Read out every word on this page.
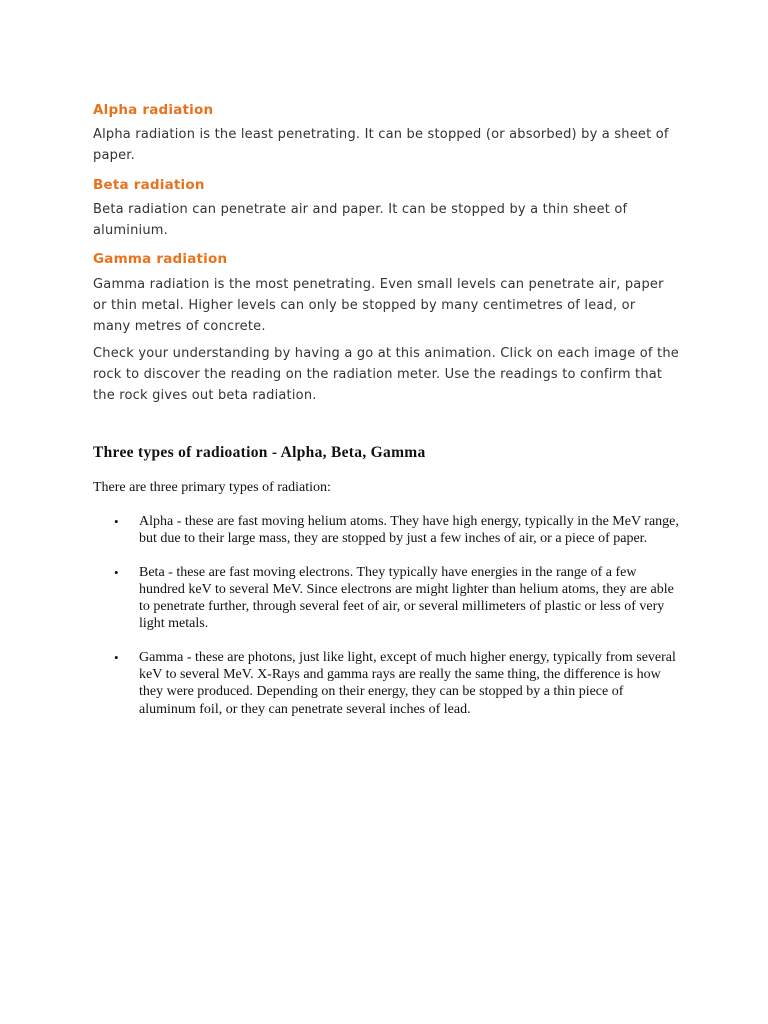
Alpha radiation

Alpha radiation is the least penetrating. It can be stopped (or absorbed) by a sheet of paper.

Beta radiation

Beta radiation can penetrate air and paper. It can be stopped by a thin sheet of aluminium.

Gamma radiation

Gamma radiation is the most penetrating. Even small levels can penetrate air, paper or thin metal. Higher levels can only be stopped by many centimetres of lead, or many metres of concrete.

Check your understanding by having a go at this animation. Click on each image of the rock to discover the reading on the radiation meter. Use the readings to confirm that the rock gives out beta radiation.

Three types of radioation - Alpha, Beta, Gamma

There are three primary types of radiation:

• Alpha - these are fast moving helium atoms. They have high energy, typically in the MeV range, but due to their large mass, they are stopped by just a few inches of air, or a piece of paper.
• Beta - these are fast moving electrons. They typically have energies in the range of a few hundred keV to several MeV. Since electrons are might lighter than helium atoms, they are able to penetrate further, through several feet of air, or several millimeters of plastic or less of very light metals.
• Gamma - these are photons, just like light, except of much higher energy, typically from several keV to several MeV. X-Rays and gamma rays are really the same thing, the difference is how they were produced. Depending on their energy, they can be stopped by a thin piece of aluminum foil, or they can penetrate several inches of lead.
